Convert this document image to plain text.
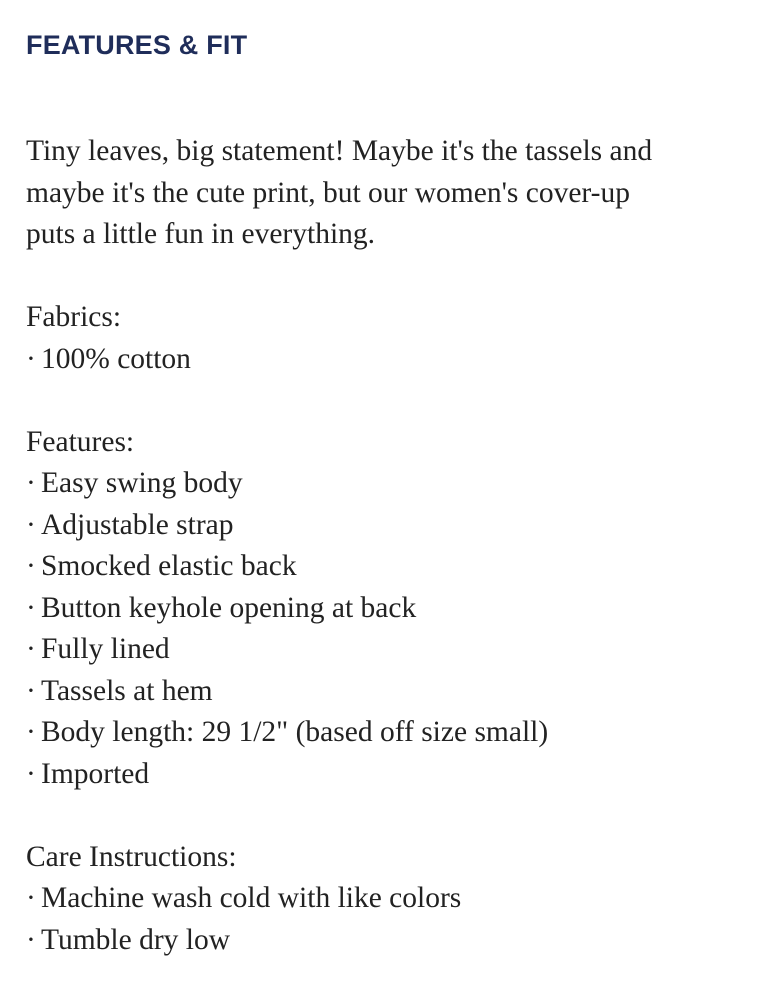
FEATURES & FIT

Tiny leaves, big statement! Maybe it's the tassels and
maybe it's the cute print, but our women's cover-up
puts a little fun in everything.

Fabrics:
· 100% cotton
Features:
· Easy swing body
· Adjustable strap
· Smocked elastic back
· Button keyhole opening at back
· Fully lined
· Tassels at hem
· Body length: 29 1/2" (based off size small)
· Imported
Care Instructions:
· Machine wash cold with like colors
· Tumble dry low
